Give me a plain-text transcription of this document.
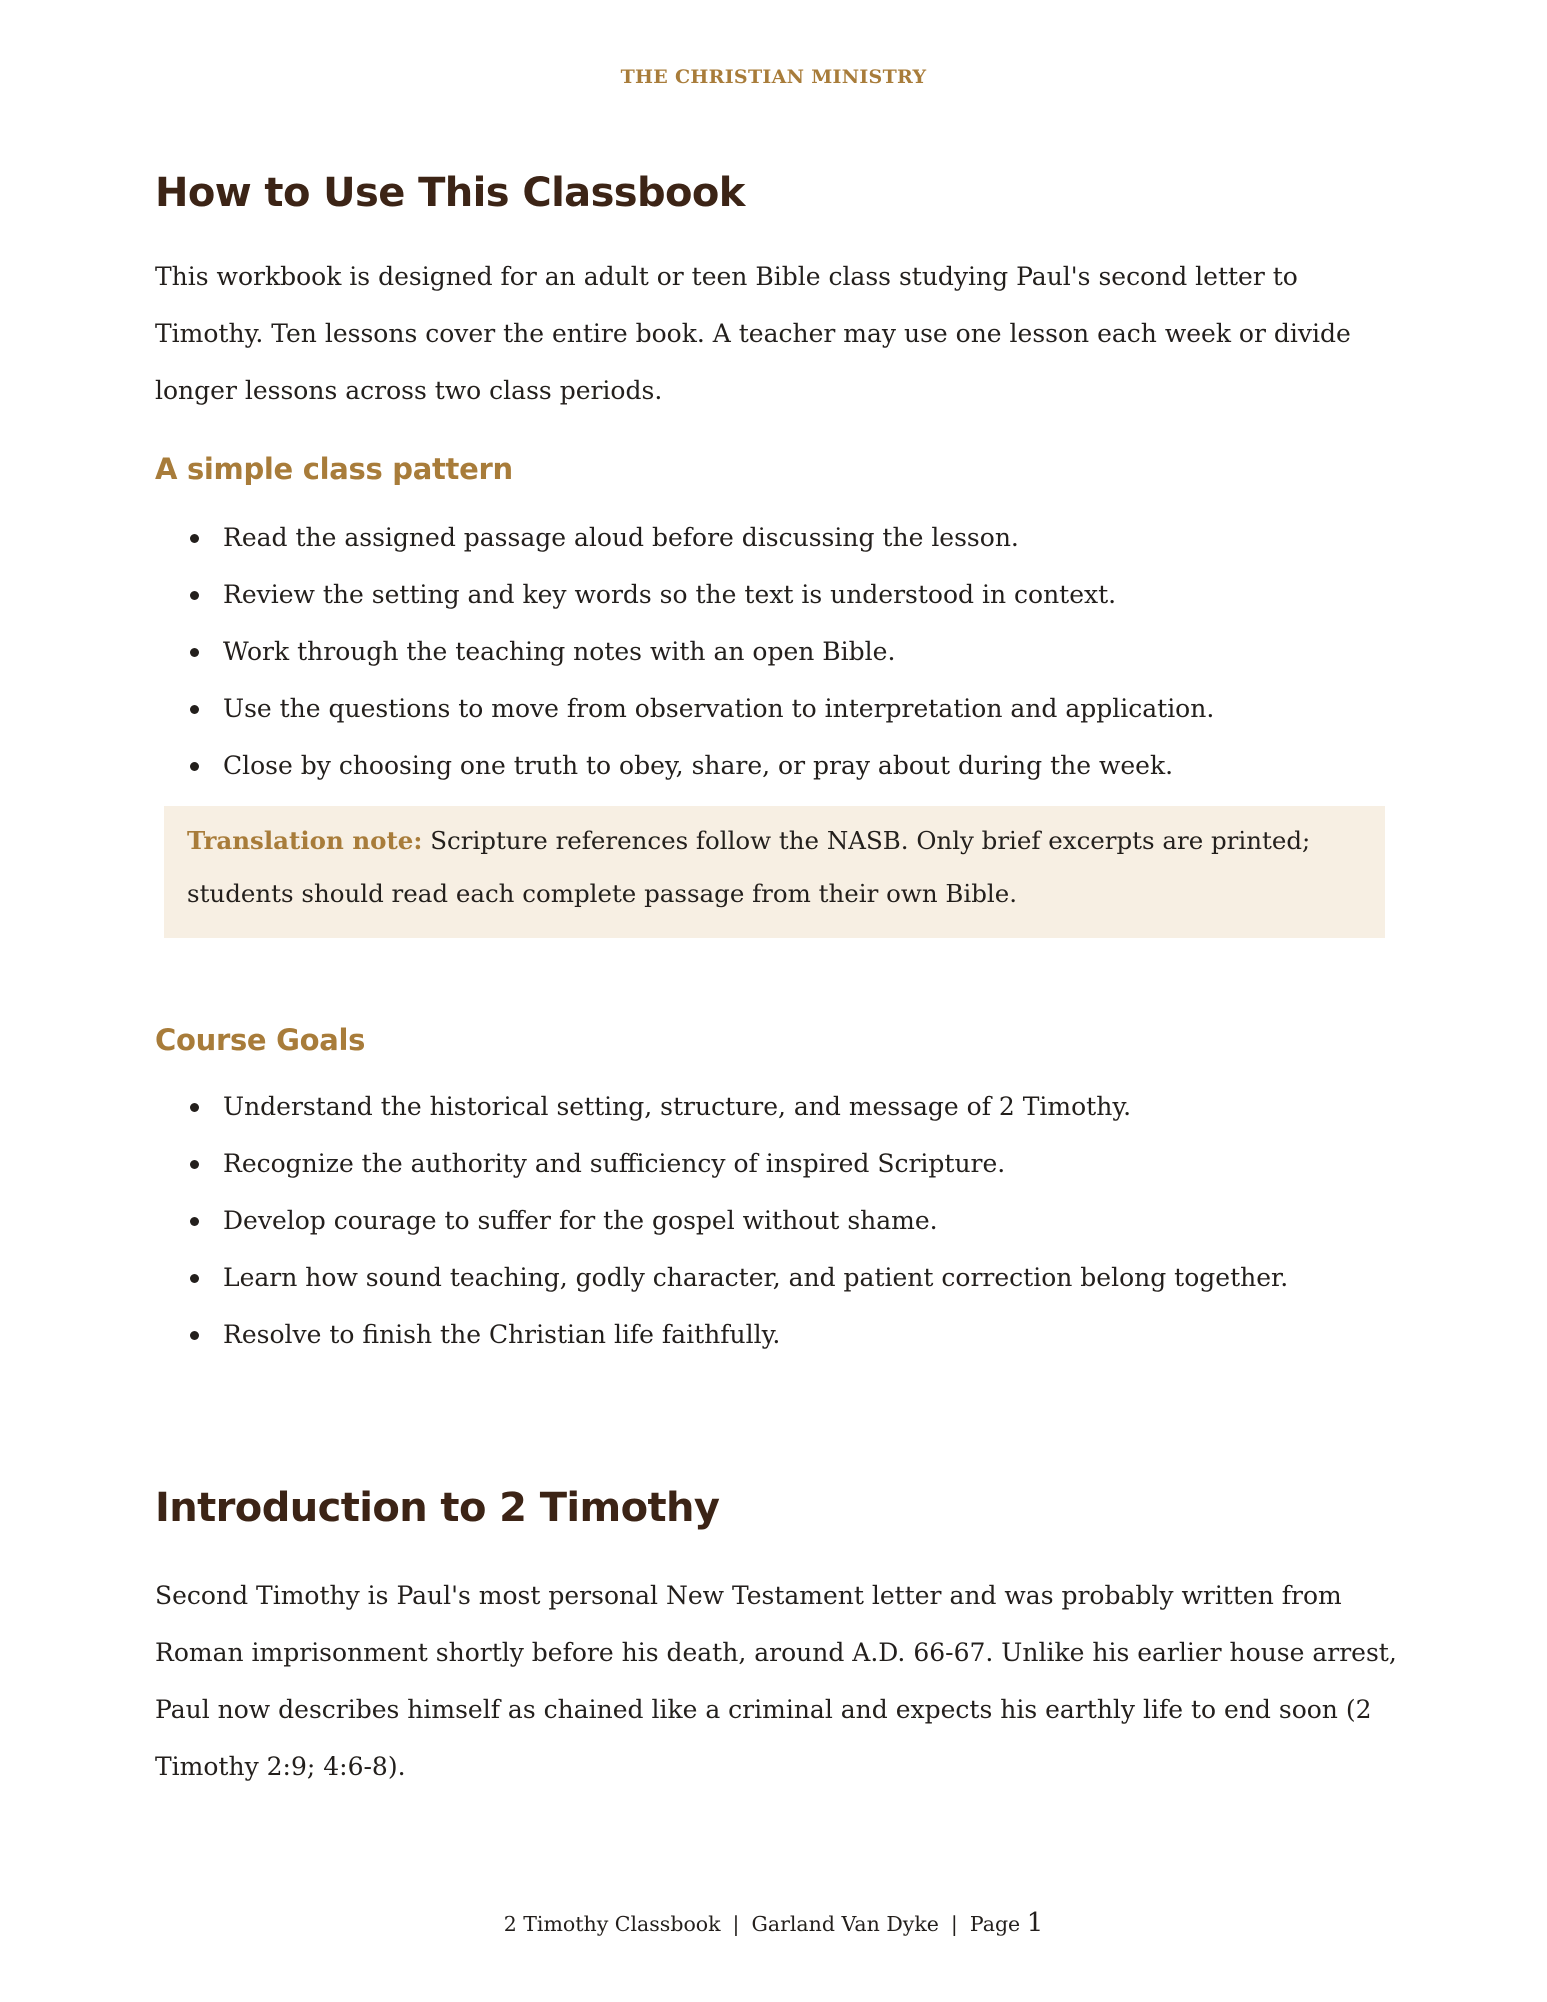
THE CHRISTIAN MINISTRY
How to Use This Classbook

This workbook is designed for an adult or teen Bible class studying Paul's second letter to Timothy. Ten lessons cover the entire book. A teacher may use one lesson each week or divide longer lessons across two class periods.

A simple class pattern
Read the assigned passage aloud before discussing the lesson.
Review the setting and key words so the text is understood in context.
Work through the teaching notes with an open Bible.
Use the questions to move from observation to interpretation and application.
Close by choosing one truth to obey, share, or pray about during the week.

Translation note: Scripture references follow the NASB. Only brief excerpts are printed; students should read each complete passage from their own Bible.

Course Goals
Understand the historical setting, structure, and message of 2 Timothy.
Recognize the authority and sufficiency of inspired Scripture.
Develop courage to suffer for the gospel without shame.
Learn how sound teaching, godly character, and patient correction belong together.
Resolve to finish the Christian life faithfully.
Introduction to 2 Timothy

Second Timothy is Paul's most personal New Testament letter and was probably written from Roman imprisonment shortly before his death, around A.D. 66-67. Unlike his earlier house arrest, Paul now describes himself as chained like a criminal and expects his earthly life to end soon (2 Timothy 2:9; 4:6-8).

2 Timothy Classbook | Garland Van Dyke | Page 1
